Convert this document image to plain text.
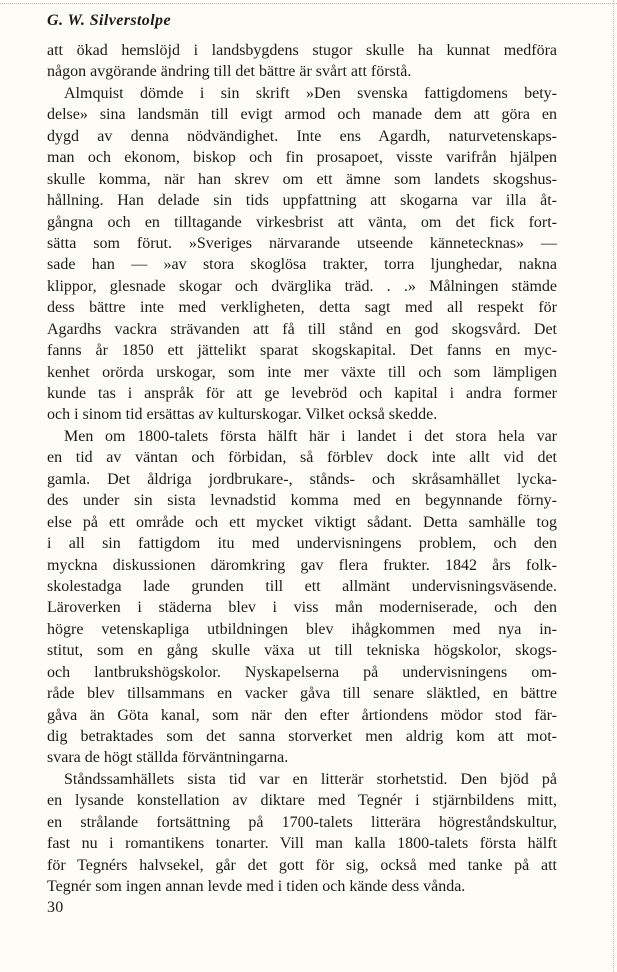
G. W. Silverstolpe
att ökad hemslöjd i landsbygdens stugor skulle ha kunnat medföra
någon avgörande ändring till det bättre är svårt att förstå.
Almquist dömde i sin skrift »Den svenska fattigdomens bety-
delse» sina landsmän till evigt armod och manade dem att göra en
dygd av denna nödvändighet. Inte ens Agardh, naturvetenskaps-
man och ekonom, biskop och fin prosapoet, visste varifrån hjälpen
skulle komma, när han skrev om ett ämne som landets skogshus-
hållning. Han delade sin tids uppfattning att skogarna var illa åt-
gångna och en tilltagande virkesbrist att vänta, om det fick fort-
sätta som förut. »Sveriges närvarande utseende kännetecknas» —
sade han — »av stora skoglösa trakter, torra ljunghedar, nakna
klippor, glesnade skogar och dvärglika träd. . .» Målningen stämde
dess bättre inte med verkligheten, detta sagt med all respekt för
Agardhs vackra strävanden att få till stånd en god skogsvård. Det
fanns år 1850 ett jättelikt sparat skogskapital. Det fanns en myc-
kenhet orörda urskogar, som inte mer växte till och som lämpligen
kunde tas i anspråk för att ge levebröd och kapital i andra former
och i sinom tid ersättas av kulturskogar. Vilket också skedde.
Men om 1800-talets första hälft här i landet i det stora hela var
en tid av väntan och förbidan, så förblev dock inte allt vid det
gamla. Det åldriga jordbrukare-, stånds- och skråsamhället lycka-
des under sin sista levnadstid komma med en begynnande förny-
else på ett område och ett mycket viktigt sådant. Detta samhälle tog
i all sin fattigdom itu med undervisningens problem, och den
myckna diskussionen däromkring gav flera frukter. 1842 års folk-
skolestadga lade grunden till ett allmänt undervisningsväsende.
Läroverken i städerna blev i viss mån moderniserade, och den
högre vetenskapliga utbildningen blev ihågkommen med nya in-
stitut, som en gång skulle växa ut till tekniska högskolor, skogs-
och lantbrukshögskolor. Nyskapelserna på undervisningens om-
råde blev tillsammans en vacker gåva till senare släktled, en bättre
gåva än Göta kanal, som när den efter årtiondens mödor stod fär-
dig betraktades som det sanna storverket men aldrig kom att mot-
svara de högt ställda förväntningarna.
Ståndssamhällets sista tid var en litterär storhetstid. Den bjöd på
en lysande konstellation av diktare med Tegnér i stjärnbildens mitt,
en strålande fortsättning på 1700-talets litterära högreståndskultur,
fast nu i romantikens tonarter. Vill man kalla 1800-talets första hälft
för Tegnérs halvsekel, går det gott för sig, också med tanke på att
Tegnér som ingen annan levde med i tiden och kände dess vånda.
30
